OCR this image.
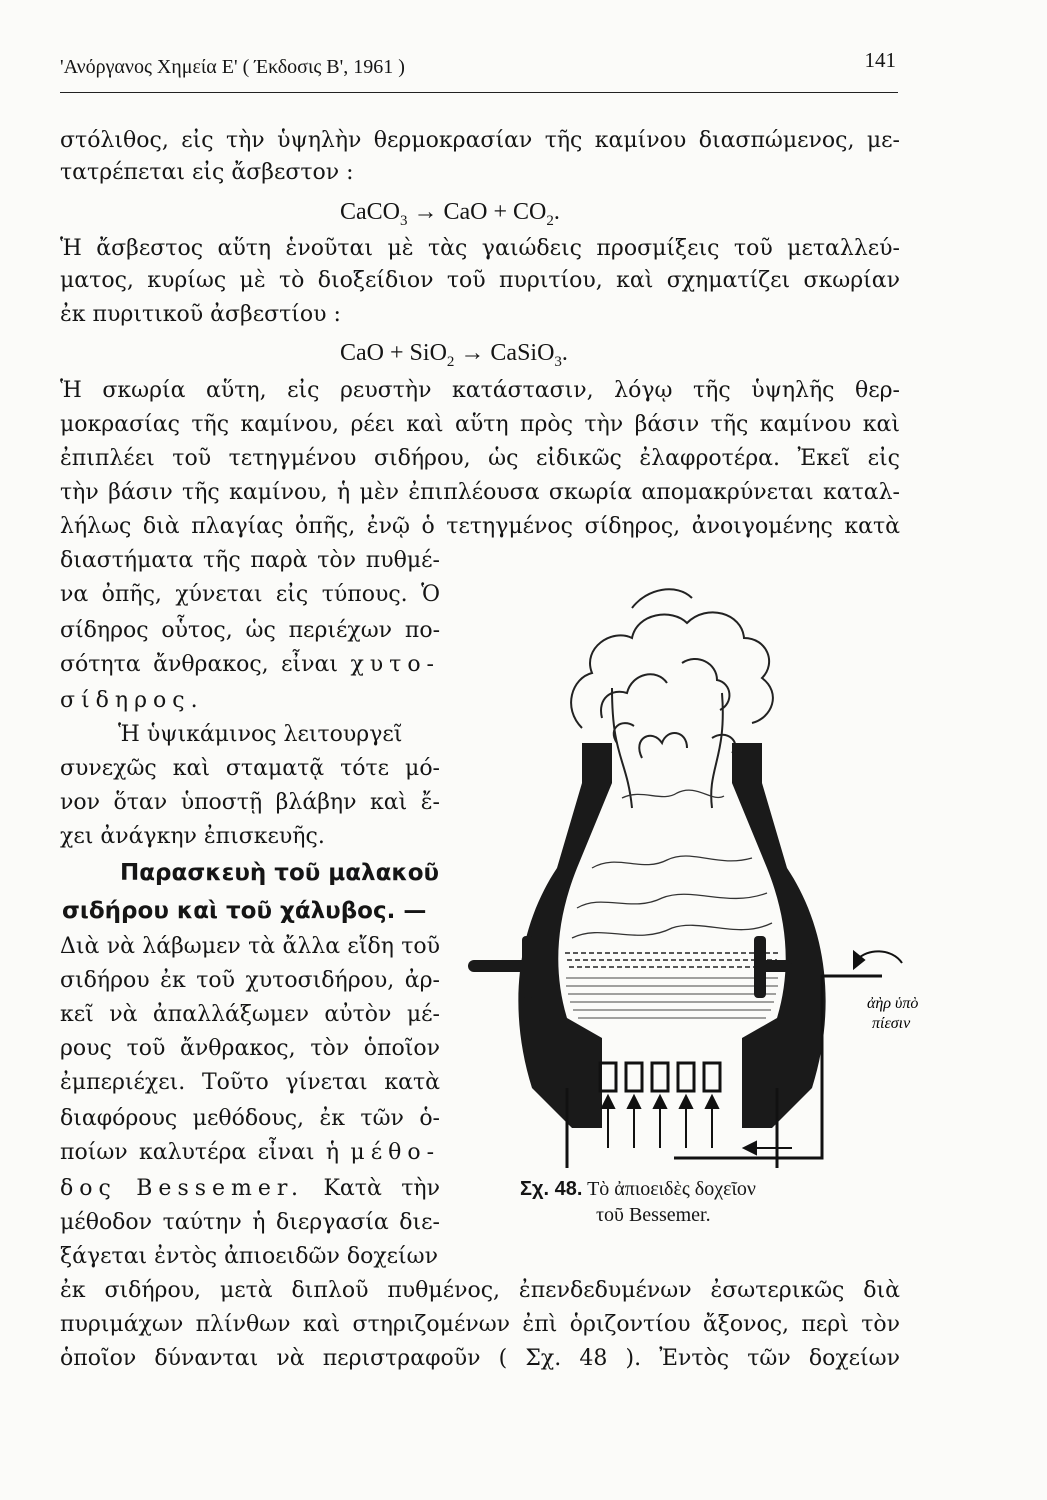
'Ανόργανος Χημεία Ε' ( Έκδοσις Β', 1961 )	141
στόλιθος, εἰς τὴν ὑψηλὴν θερμοκρασίαν τῆς καμίνου διασπώμενος, με-
τατρέπεται εἰς ἄσβεστον :
CaCO$_3$ → CaO + $CO_2$.
Ἡ ἄσβεστος αὕτη ἑνοῦται μὲ τὰς γαιώδεις προσμίξεις τοῦ μεταλλεύ-
ματος, κυρίως μὲ τὸ διοξείδιον τοῦ πυριτίου, καὶ σχηματίζει σκωρίαν
ἐκ πυριτικοῦ ἀσβεστίου :
CaO + SiO$_2$ → CaSiO$_3$.
Ἡ σκωρία αὕτη, εἰς ρευστὴν κατάστασιν, λόγῳ τῆς ὑψηλῆς θερ-
μοκρασίας τῆς καμίνου, ρέει καὶ αὕτη πρὸς τὴν βάσιν τῆς καμίνου καὶ
ἐπιπλέει τοῦ τετηγμένου σιδήρου, ὡς εἰδικῶς ἐλαφροτέρα. Ἐκεῖ εἰς
τὴν βάσιν τῆς καμίνου, ἡ μὲν ἐπιπλέουσα σκωρία απομακρύνεται καταλ-
λήλως διὰ πλαγίας ὀπῆς, ἐνῷ ὁ τετηγμένος σίδηρος, ἀνοιγομένης κατὰ
διαστήματα τῆς παρὰ τὸν πυθμέ-
να ὀπῆς, χύνεται εἰς τύπους. Ὁ
σίδηρος οὗτος, ὡς περιέχων πο-
σότητα ἄνθρακος, εἶναι χυτο-
σίδηρος.
Ἡ ὑψικάμινος λειτουργεῖ
συνεχῶς καὶ σταματᾷ τότε μό-
νον ὅταν ὑποστῇ βλάβην καὶ ἔ-
χει ἀνάγκην ἐπισκευῆς.
Παρασκευὴ τοῦ μαλακοῦ
σιδήρου καὶ τοῦ χάλυβος. —
Διὰ νὰ λάβωμεν τὰ ἄλλα εἴδη τοῦ
σιδήρου ἐκ τοῦ χυτοσιδήρου, ἀρ-
κεῖ νὰ ἀπαλλάξωμεν αὐτὸν μέ-
ρους τοῦ ἄνθρακος, τὸν ὁποῖον
ἐμπεριέχει. Τοῦτο γίνεται κατὰ
διαφόρους μεθόδους, ἐκ τῶν ὁ-
ποίων καλυτέρα εἶναι ἡ μέθο-
δος Bessemer. Κατὰ τὴν
μέθοδον ταύτην ἡ διεργασία διε-
ξάγεται ἐντὸς ἀπιοειδῶν δοχείων
ἐκ σιδήρου, μετὰ διπλοῦ πυθμένος, ἐπενδεδυμένων ἐσωτερικῶς διὰ
πυριμάχων πλίνθων καὶ στηριζομένων ἐπὶ ὁριζοντίου ἄξονος, περὶ τὸν
ὁποῖον δύνανται νὰ περιστραφοῦν ( Σχ. 48 ). Ἐντὸς τῶν δοχείων
ἀὴρ ὑπὸ
πίεσιν
Σχ. 48. Τὸ ἀπιοειδὲς δοχεῖον
τοῦ Bessemer.
